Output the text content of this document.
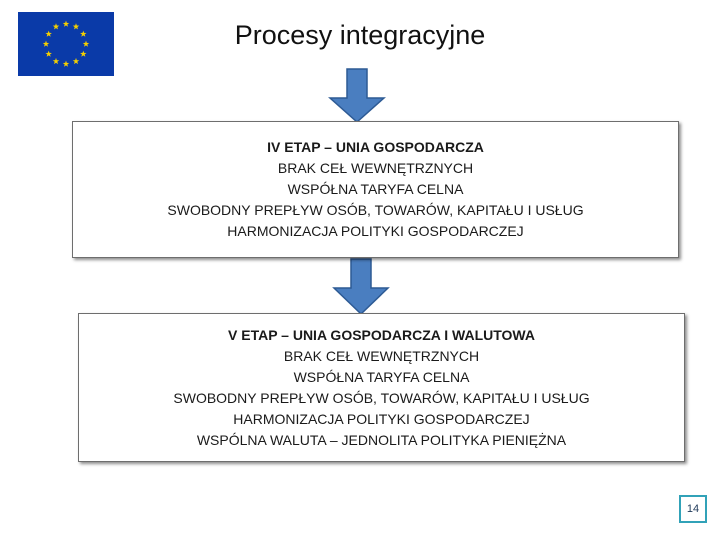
Procesy integracyjne
IV ETAP – UNIA GOSPODARCZA
BRAK CEŁ WEWNĘTRZNYCH
WSPÓŁNA TARYFA CELNA
SWOBODNY PREPŁYW OSÓB, TOWARÓW, KAPITAŁU I USŁUG
HARMONIZACJA POLITYKI GOSPODARCZEJ
V ETAP – UNIA GOSPODARCZA I WALUTOWA
BRAK CEŁ WEWNĘTRZNYCH
WSPÓŁNA TARYFA CELNA
SWOBODNY PREPŁYW OSÓB, TOWARÓW, KAPITAŁU I USŁUG
HARMONIZACJA POLITYKI GOSPODARCZEJ
WSPÓLNA WALUTA – JEDNOLITA POLITYKA PIENIĘŻNA
14
